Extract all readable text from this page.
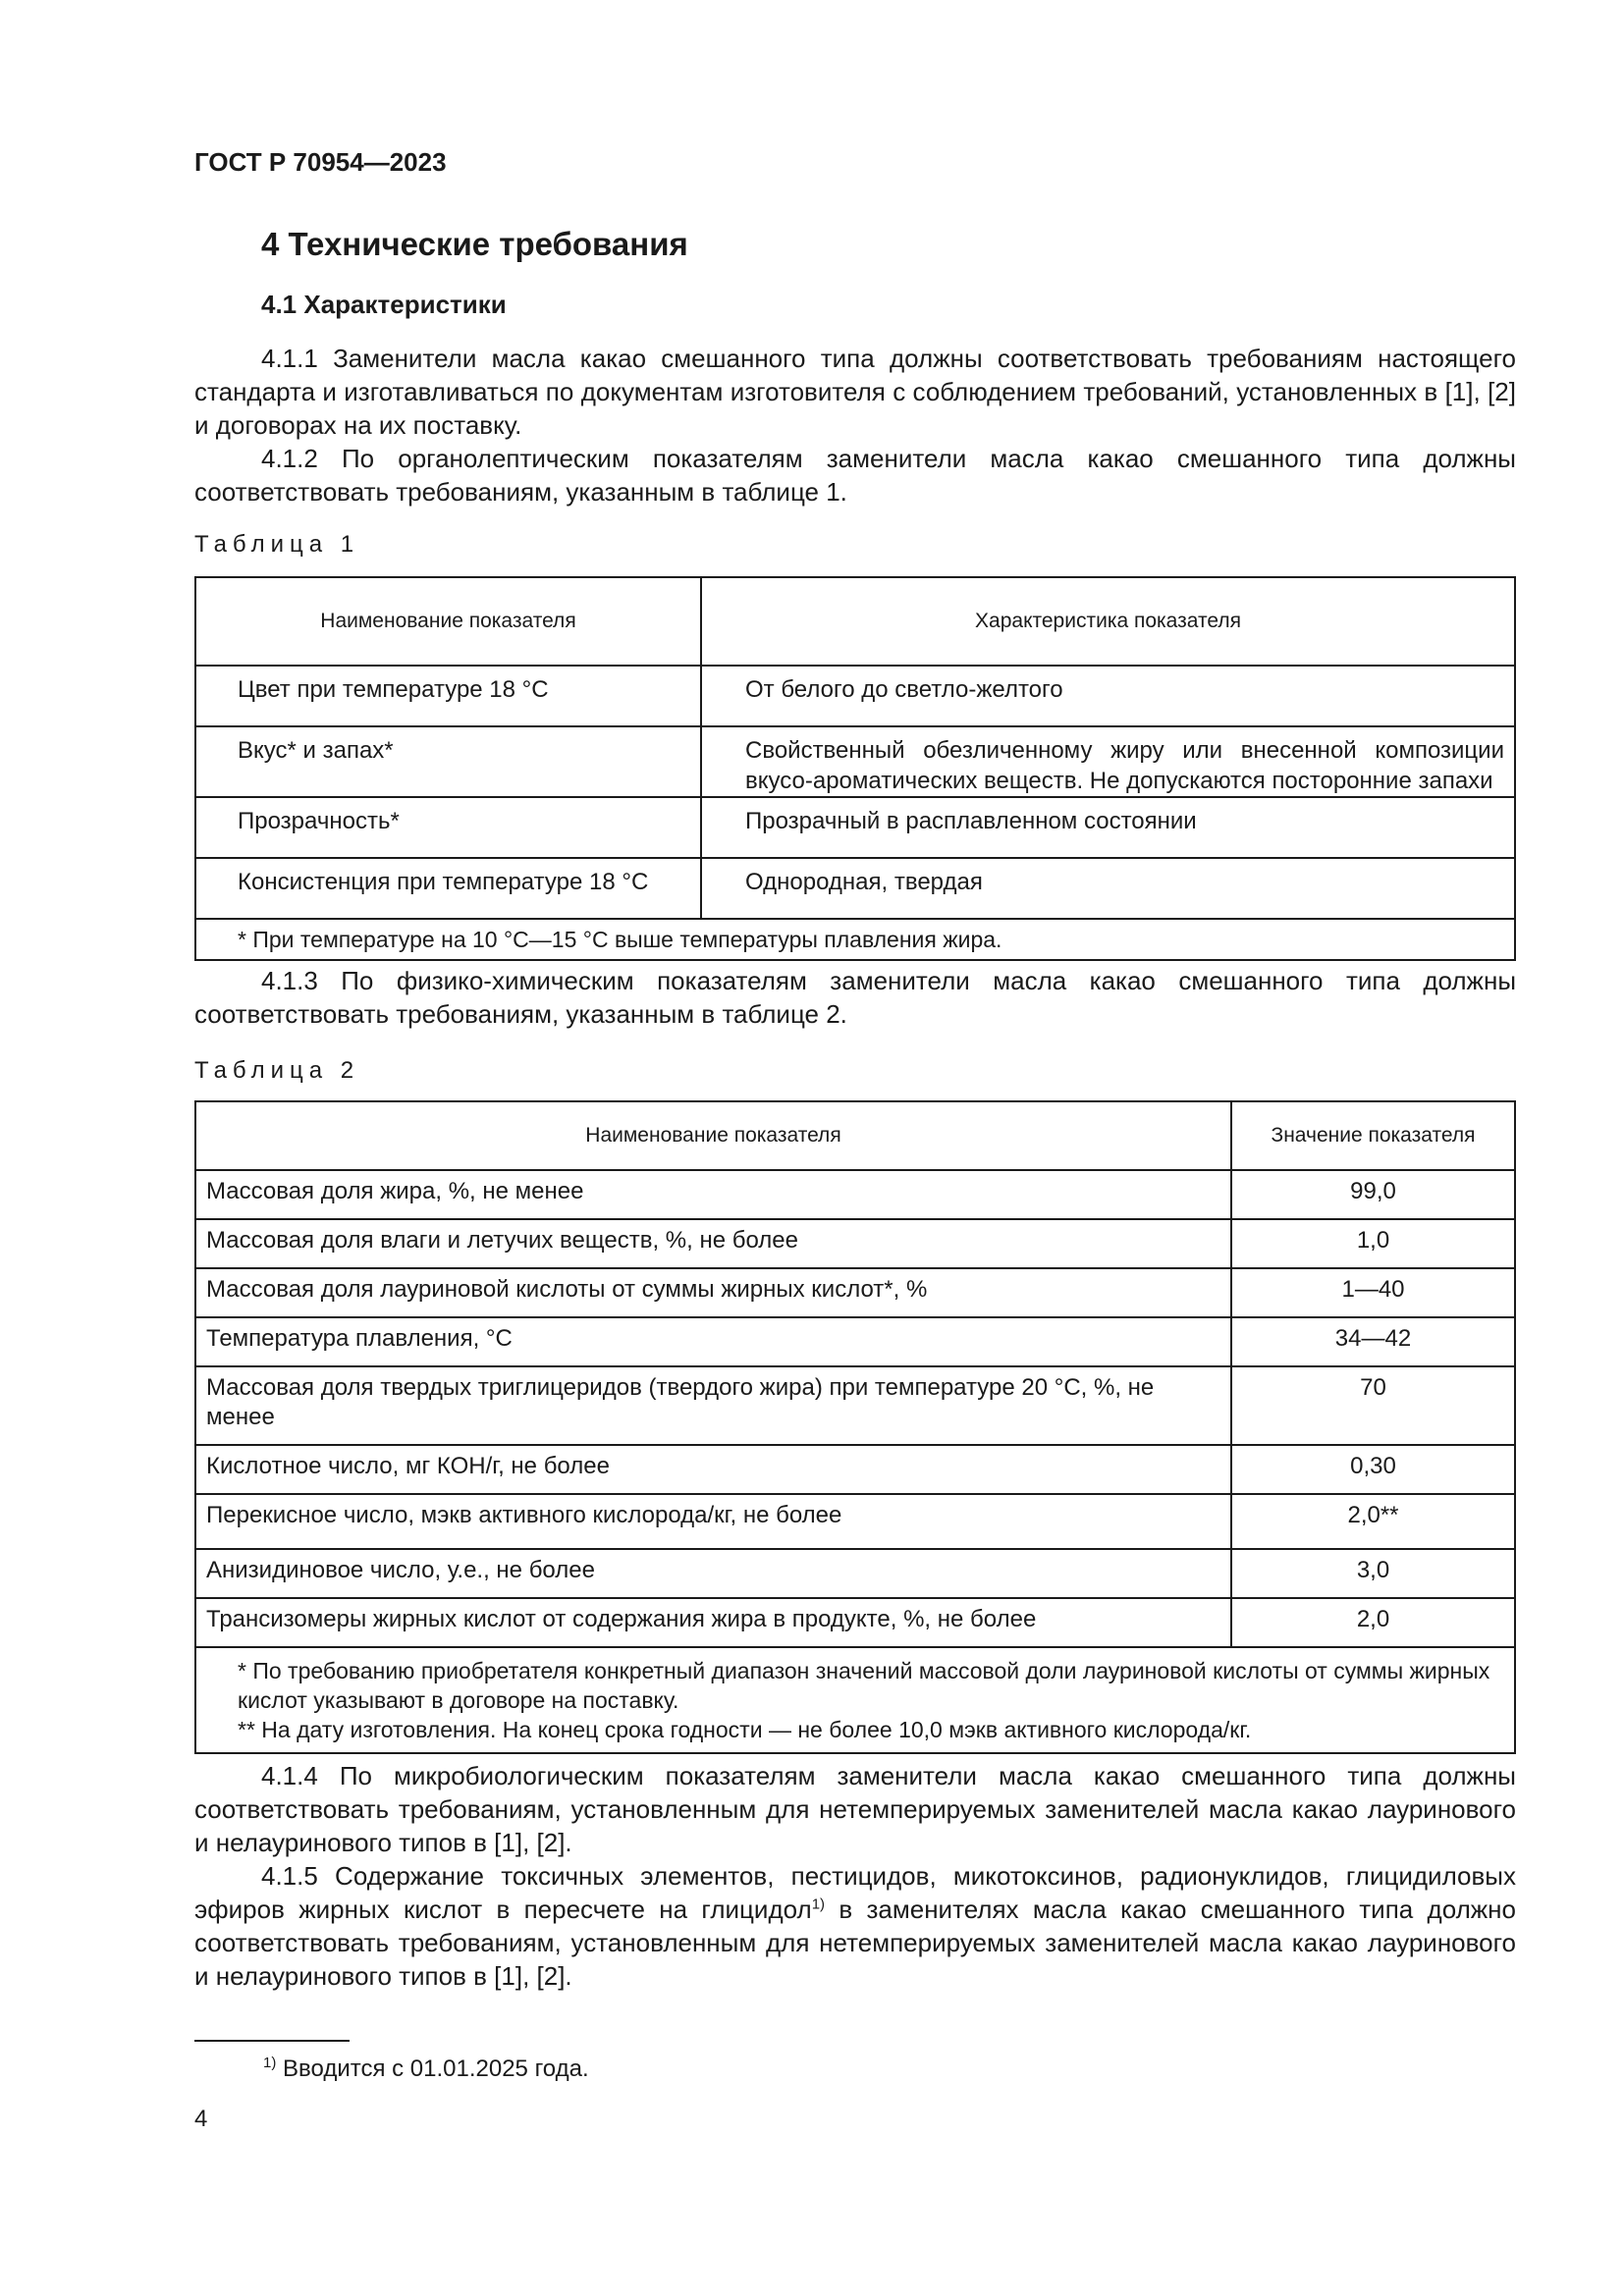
ГОСТ Р 70954—2023

4 Технические требования
4.1 Характеристики

4.1.1 Заменители масла какао смешанного типа должны соответствовать требованиям настоящего стандарта и изготавливаться по документам изготовителя с соблюдением требований, установленных в [1], [2] и договорах на их поставку.

4.1.2 По органолептическим показателям заменители масла какао смешанного типа должны соответствовать требованиям, указанным в таблице 1.

Таблица 1

Наименование показателя	Характеристика показателя
Цвет при температуре 18 °С	От белого до светло-желтого
Вкус* и запах*	Свойственный обезличенному жиру или внесенной композиции вкусо-ароматических веществ. Не допускаются посторонние запахи
Прозрачность*	Прозрачный в расплавленном состоянии
Консистенция при температуре 18 °С	Однородная, твердая
* При температуре на 10 °С—15 °С выше температуры плавления жира.	

4.1.3 По физико-химическим показателям заменители масла какао смешанного типа должны соответствовать требованиям, указанным в таблице 2.

Таблица 2

Наименование показателя	Значение показателя
Массовая доля жира, %, не менее	99,0
Массовая доля влаги и летучих веществ, %, не более	1,0
Массовая доля лауриновой кислоты от суммы жирных кислот*, %	1—40
Температура плавления, °С	34—42
Массовая доля твердых триглицеридов (твердого жира) при температуре 20 °С, %, не менее	70
Кислотное число, мг КОН/г, не более	0,30
Перекисное число, мэкв активного кислорода/кг, не более	2,0**
Анизидиновое число, у.е., не более	3,0
Трансизомеры жирных кислот от содержания жира в продукте, %, не более	2,0

* По требованию приобретателя конкретный диапазон значений массовой доли лауриновой кислоты от суммы жирных кислот указывают в договоре на поставку.
** На дату изготовления. На конец срока годности — не более 10,0 мэкв активного кислорода/кг.	

4.1.4 По микробиологическим показателям заменители масла какао смешанного типа должны соответствовать требованиям, установленным для нетемперируемых заменителей масла какао лауринового и нелауринового типов в [1], [2].

4.1.5 Содержание токсичных элементов, пестицидов, микотоксинов, радионуклидов, глицидиловых эфиров жирных кислот в пересчете на глицидол$^{1)}$ в заменителях масла какао смешанного типа должно соответствовать требованиям, установленным для нетемперируемых заменителей масла какао лауринового и нелауринового типов в [1], [2].

$^{1)}$ Вводится с 01.01.2025 года.

4
